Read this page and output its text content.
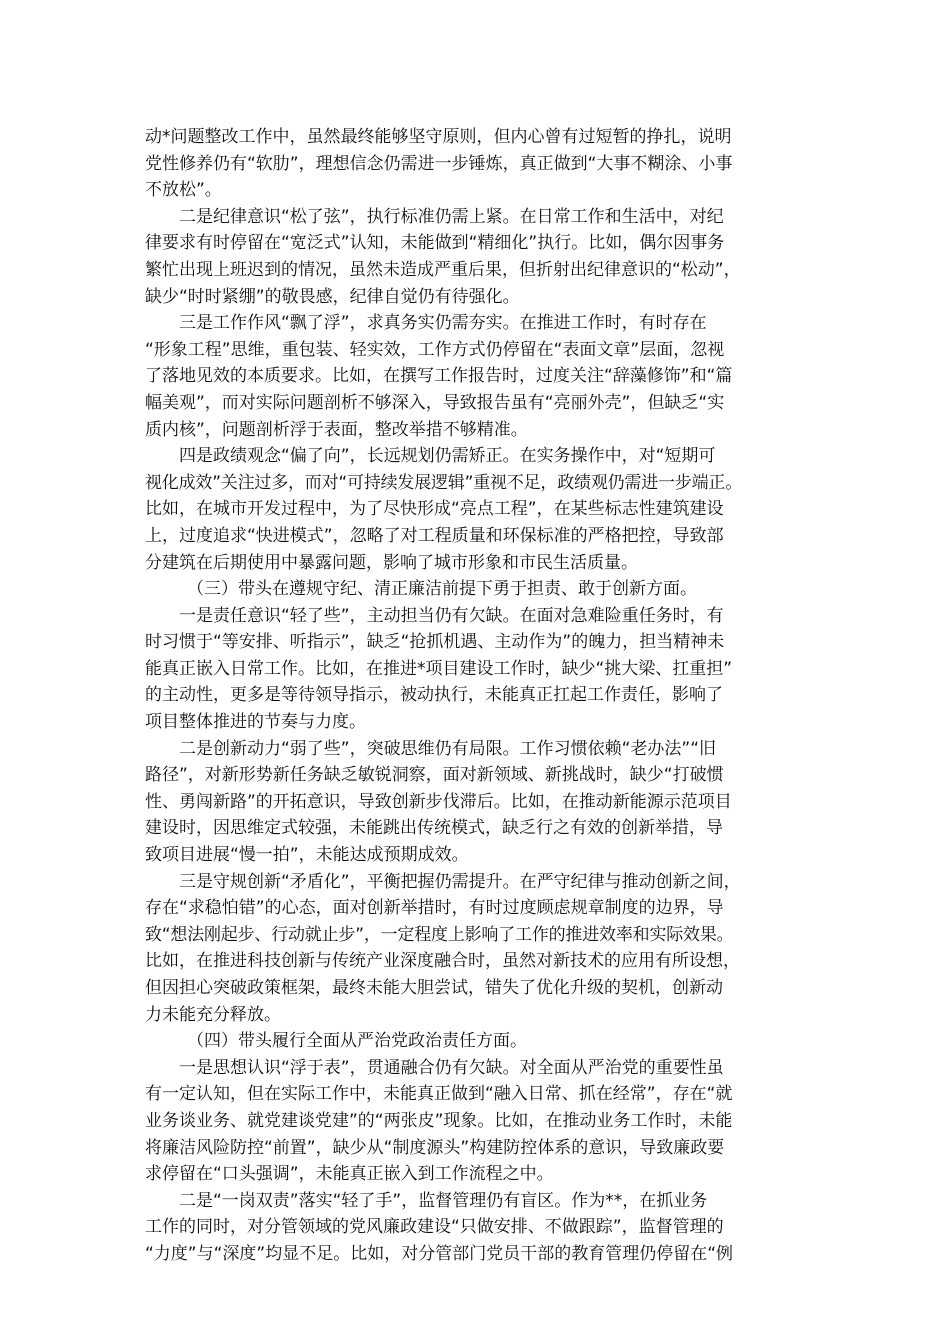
动*问题整改工作中，虽然最终能够坚守原则，但内心曾有过短暂的挣扎，说明
党性修养仍有“软肋”，理想信念仍需进一步锤炼，真正做到“大事不糊涂、小事
不放松”。
二是纪律意识“松了弦”，执行标准仍需上紧。在日常工作和生活中，对纪
律要求有时停留在“宽泛式”认知，未能做到“精细化”执行。比如，偶尔因事务
繁忙出现上班迟到的情况，虽然未造成严重后果，但折射出纪律意识的“松动”，
缺少“时时紧绷”的敬畏感，纪律自觉仍有待强化。
三是工作作风“飘了浮”，求真务实仍需夯实。在推进工作时，有时存在
“形象工程”思维，重包装、轻实效，工作方式仍停留在“表面文章”层面，忽视
了落地见效的本质要求。比如，在撰写工作报告时，过度关注“辞藻修饰”和“篇
幅美观”，而对实际问题剖析不够深入，导致报告虽有“亮丽外壳”，但缺乏“实
质内核”，问题剖析浮于表面，整改举措不够精准。
四是政绩观念“偏了向”，长远规划仍需矫正。在实务操作中，对“短期可
视化成效”关注过多，而对“可持续发展逻辑”重视不足，政绩观仍需进一步端正。
比如，在城市开发过程中，为了尽快形成“亮点工程”，在某些标志性建筑建设
上，过度追求“快进模式”，忽略了对工程质量和环保标准的严格把控，导致部
分建筑在后期使用中暴露问题，影响了城市形象和市民生活质量。
（三）带头在遵规守纪、清正廉洁前提下勇于担责、敢于创新方面。
一是责任意识“轻了些”，主动担当仍有欠缺。在面对急难险重任务时，有
时习惯于“等安排、听指示”，缺乏“抢抓机遇、主动作为”的魄力，担当精神未
能真正嵌入日常工作。比如，在推进*项目建设工作时，缺少“挑大梁、扛重担”
的主动性，更多是等待领导指示，被动执行，未能真正扛起工作责任，影响了
项目整体推进的节奏与力度。
二是创新动力“弱了些”，突破思维仍有局限。工作习惯依赖“老办法”“旧
路径”，对新形势新任务缺乏敏锐洞察，面对新领域、新挑战时，缺少“打破惯
性、勇闯新路”的开拓意识，导致创新步伐滞后。比如，在推动新能源示范项目
建设时，因思维定式较强，未能跳出传统模式，缺乏行之有效的创新举措，导
致项目进展“慢一拍”，未能达成预期成效。
三是守规创新“矛盾化”，平衡把握仍需提升。在严守纪律与推动创新之间，
存在“求稳怕错”的心态，面对创新举措时，有时过度顾虑规章制度的边界，导
致“想法刚起步、行动就止步”，一定程度上影响了工作的推进效率和实际效果。
比如，在推进科技创新与传统产业深度融合时，虽然对新技术的应用有所设想，
但因担心突破政策框架，最终未能大胆尝试，错失了优化升级的契机，创新动
力未能充分释放。
（四）带头履行全面从严治党政治责任方面。
一是思想认识“浮于表”，贯通融合仍有欠缺。对全面从严治党的重要性虽
有一定认知，但在实际工作中，未能真正做到“融入日常、抓在经常”，存在“就
业务谈业务、就党建谈党建”的“两张皮”现象。比如，在推动业务工作时，未能
将廉洁风险防控“前置”，缺少从“制度源头”构建防控体系的意识，导致廉政要
求停留在“口头强调”，未能真正嵌入到工作流程之中。
二是“一岗双责”落实“轻了手”，监督管理仍有盲区。作为**，在抓业务
工作的同时，对分管领域的党风廉政建设“只做安排、不做跟踪”，监督管理的
“力度”与“深度”均显不足。比如，对分管部门党员干部的教育管理仍停留在“例
